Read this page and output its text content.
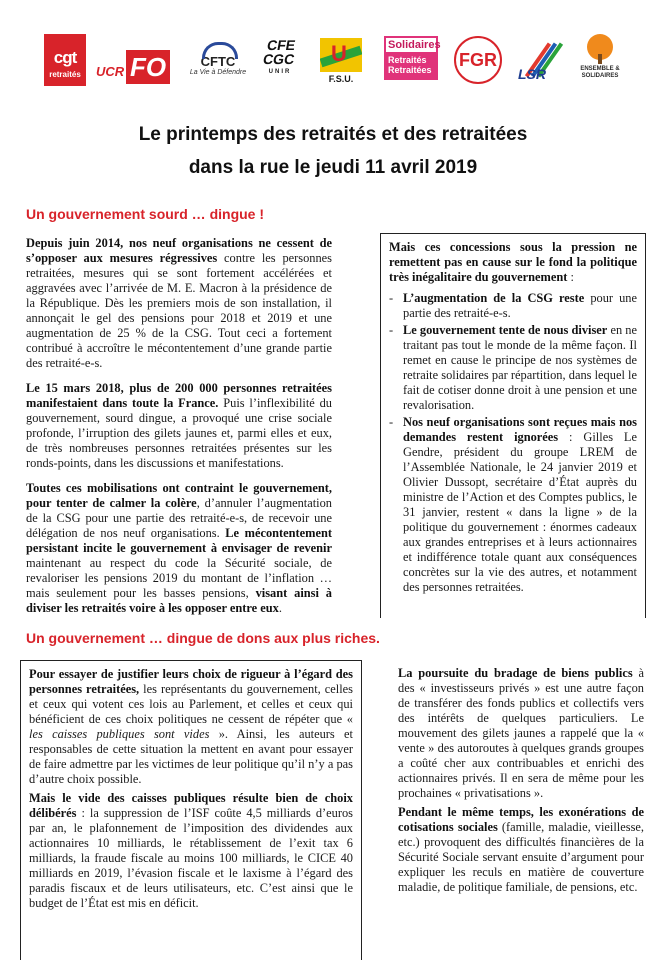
cgt
retraités	UCR FO	CFTC
La Vie à Défendre
CFE CGC
UNIR
U
F.S.U.
Solidaires
Retraités Retraitées	FGR
LSR	ENSEMBLE & SOLIDAIRES
Le printemps des retraités et des retraitées
dans la rue le jeudi 11 avril 2019
Un gouvernement sourd … dingue !

Depuis juin 2014, nos neuf organisations ne cessent de s’opposer aux mesures régressives contre les personnes retraitées, mesures qui se sont fortement accélérées et aggravées avec l’arrivée de M. E. Macron à la présidence de la République. Dès les premiers mois de son installation, il annonçait le gel des pensions pour 2018 et 2019 et une augmentation de 25 % de la CSG. Tout ceci a fortement contribué à accroître le mécontentement d’une grande partie des retraité-e-s.

Le 15 mars 2018, plus de 200 000 personnes retraitées manifestaient dans toute la France. Puis l’inflexibilité du gouvernement, sourd dingue, a provoqué une crise sociale profonde, l’irruption des gilets jaunes et, parmi elles et eux, de très nombreuses personnes retraitées présentes sur les ronds-points, dans les discussions et manifestations.

Toutes ces mobilisations ont contraint le gouvernement, pour tenter de calmer la colère, d’annuler l’augmentation de la CSG pour une partie des retraité-e-s, de recevoir une délégation de nos neuf organisations. Le mécontentement persistant incite le gouvernement à envisager de revenir maintenant au respect du code la Sécurité sociale, de revaloriser les pensions 2019 du montant de l’inflation … mais seulement pour les basses pensions, visant ainsi à diviser les retraités voire à les opposer entre eux.

Mais ces concessions sous la pression ne remettent pas en cause sur le fond la politique très inégalitaire du gouvernement :

- L’augmentation de la CSG reste pour une partie des retraité-e-s.
- Le gouvernement tente de nous diviser en ne traitant pas tout le monde de la même façon. Il remet en cause le principe de nos systèmes de retraite solidaires par répartition, dans lequel le fait de cotiser donne droit à une pension et une revalorisation.
- Nos neuf organisations sont reçues mais nos demandes restent ignorées : Gilles Le Gendre, président du groupe LREM de l’Assemblée Nationale, le 24 janvier 2019 et Olivier Dussopt, secrétaire d’État auprès du ministre de l’Action et des Comptes publics, le 31 janvier, restent « dans la ligne » de la politique du gouvernement : énormes cadeaux aux grandes entreprises et à leurs actionnaires et indifférence totale quant aux conséquences concrètes sur la vie des autres, et notamment des personnes retraitées.
Un gouvernement … dingue de dons aux plus riches.

Pour essayer de justifier leurs choix de rigueur à l’égard des personnes retraitées, les représentants du gouvernement, celles et ceux qui votent ces lois au Parlement, et celles et ceux qui bénéficient de ces choix politiques ne cessent de répéter que « les caisses publiques sont vides ». Ainsi, les auteurs et responsables de cette situation la mettent en avant pour essayer de faire admettre par les victimes de leur politique qu’il n’y a pas d’autre choix possible.

Mais le vide des caisses publiques résulte bien de choix délibérés : la suppression de l’ISF coûte 4,5 milliards d’euros par an, le plafonnement de l’imposition des dividendes aux actionnaires 10 milliards, le rétablissement de l’exit tax 6 milliards, la fraude fiscale au moins 100 milliards, le CICE 40 milliards en 2019, l’évasion fiscale et le laxisme à l’égard des paradis fiscaux et de leurs utilisateurs, etc. C’est ainsi que le budget de l’État est mis en déficit.

La poursuite du bradage de biens publics à des « investisseurs privés » est une autre façon de transférer des fonds publics et collectifs vers des intérêts de quelques particuliers. Le mouvement des gilets jaunes a rappelé que la « vente » des autoroutes à quelques grands groupes a coûté cher aux contribuables et enrichi des actionnaires privés. Il en sera de même pour les prochaines « privatisations ».

Pendant le même temps, les exonérations de cotisations sociales (famille, maladie, vieillesse, etc.) provoquent des difficultés financières de la Sécurité Sociale servant ensuite d’argument pour expliquer les reculs en matière de couverture maladie, de politique familiale, de pensions, etc.
